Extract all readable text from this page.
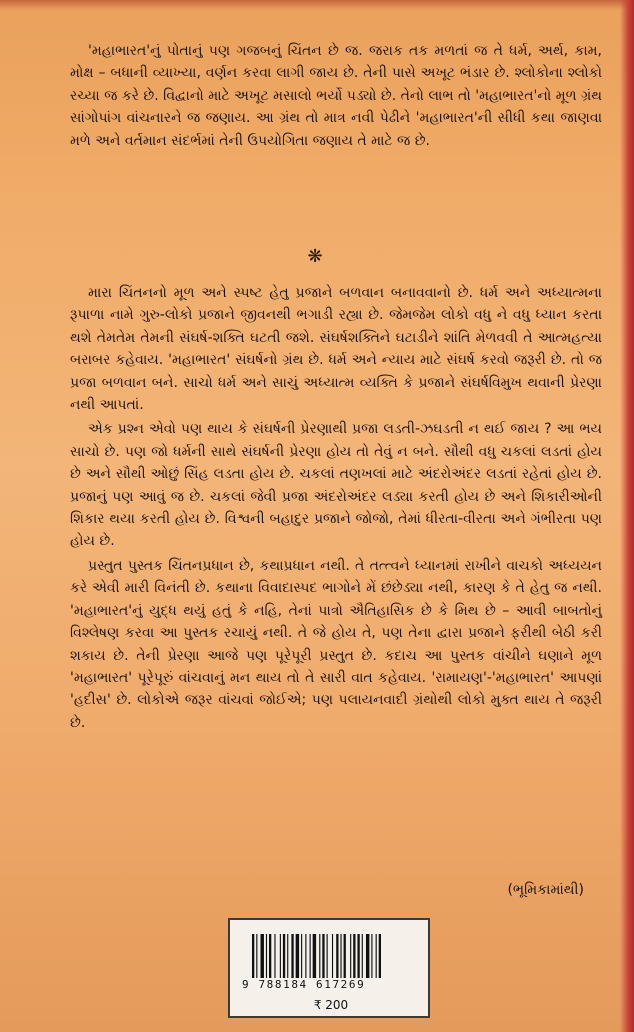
'મહાભારત'નું પોતાનું પણ ગજબનું ચિંતન છે જ. જરાક તક મળતાં જ તે ધર્મ, અર્થ, કામ, મોક્ષ – બધાની વ્યાખ્યા, વર્ણન કરવા લાગી જાય છે. તેની પાસે અખૂટ ભંડાર છે. શ્લોકોના શ્લોકો રચ્યા જ કરે છે. વિદ્વાનો માટે અખૂટ મસાલો ભર્યો પડ્યો છે. તેનો લાભ તો 'મહાભારત'નો મૂળ ગ્રંથ સાંગોપાંગ વાંચનારને જ જણાય. આ ગ્રંથ તો માત્ર નવી પેઢીને 'મહાભારત'ની સીધી કથા જાણવા મળે અને વર્તમાન સંદર્ભમાં તેની ઉપયોગિતા જણાય તે માટે જ છે.

❋

મારા ચિંતનનો મૂળ અને સ્પષ્ટ હેતુ પ્રજાને બળવાન બનાવવાનો છે. ધર્મ અને અધ્યાત્મના રૂપાળા નામે ગુરુ-લોકો પ્રજાને જીવનથી ભગાડી રહ્યા છે. જેમજેમ લોકો વધુ ને વધુ ધ્યાન કરતા થશે તેમતેમ તેમની સંઘર્ષ-શક્તિ ઘટતી જશે. સંઘર્ષશક્તિને ઘટાડીને શાંતિ મેળવવી તે આત્મહત્યા બરાબર કહેવાય. 'મહાભારત' સંઘર્ષનો ગ્રંથ છે. ધર્મ અને ન્યાય માટે સંઘર્ષ કરવો જરૂરી છે. તો જ પ્રજા બળવાન બને. સાચો ધર્મ અને સાચું અધ્યાત્મ વ્યક્તિ કે પ્રજાને સંઘર્ષવિમુખ થવાની પ્રેરણા નથી આપતાં.

એક પ્રશ્ન એવો પણ થાય કે સંઘર્ષની પ્રેરણાથી પ્રજા લડતી-ઝઘડતી ન થઈ જાય ? આ ભય સાચો છે. પણ જો ધર્મની સાથે સંઘર્ષની પ્રેરણા હોય તો તેવું ન બને. સૌથી વધુ ચકલાં લડતાં હોય છે અને સૌથી ઓછું સિંહ લડતા હોય છે. ચકલાં તણખલાં માટે અંદરોઅંદર લડતાં રહેતાં હોય છે. પ્રજાનું પણ આવું જ છે. ચકલાં જેવી પ્રજા અંદરોઅંદર લડ્યા કરતી હોય છે અને શિકારીઓની શિકાર થયા કરતી હોય છે. વિશ્વની બહાદુર પ્રજાને જોજો, તેમાં ધીરતા-વીરતા અને ગંભીરતા પણ હોય છે.

પ્રસ્તુત પુસ્તક ચિંતનપ્રધાન છે, કથાપ્રધાન નથી. તે તત્ત્વને ધ્યાનમાં રાખીને વાચકો અધ્યયન કરે એવી મારી વિનંતી છે. કથાના વિવાદાસ્પદ ભાગોને મેં છંછેડ્યા નથી, કારણ કે તે હેતુ જ નથી. 'મહાભારત'નું યુદ્ધ થયું હતું કે નહિ, તેનાં પાત્રો ઐતિહાસિક છે કે મિથ છે – આવી બાબતોનું વિશ્લેષણ કરવા આ પુસ્તક રચાયું નથી. તે જે હોય તે, પણ તેના દ્વારા પ્રજાને ફરીથી બેઠી કરી શકાય છે. તેની પ્રેરણા આજે પણ પૂરેપૂરી પ્રસ્તુત છે. કદાચ આ પુસ્તક વાંચીને ઘણાને મૂળ 'મહાભારત' પૂરેપૂરું વાંચવાનું મન થાય તો તે સારી વાત કહેવાય. 'રામાયણ'-'મહાભારત' આપણાં 'હદીસ' છે. લોકોએ જરૂર વાંચવાં જોઈએ; પણ પલાયનવાદી ગ્રંથોથી લોકો મુક્ત થાય તે જરૂરી છે.

(ભૂમિકામાંથી)
9 788184 617269
₹ 200
